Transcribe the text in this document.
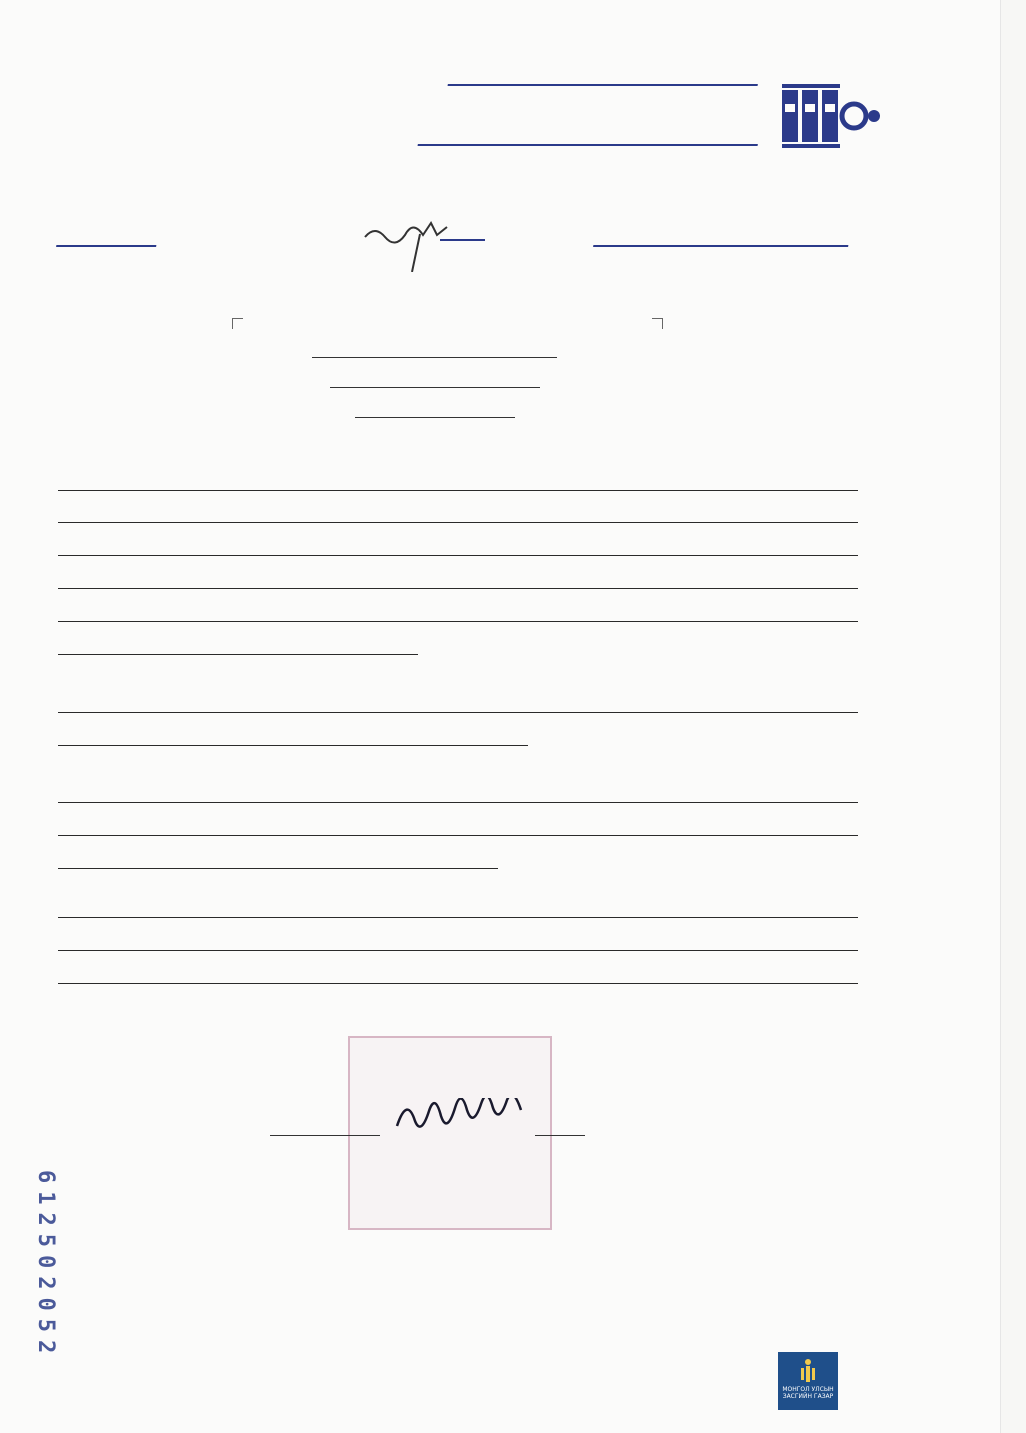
612502052
МОНГОЛ УЛСЫН
ЗАСГИЙН ГАЗАР
